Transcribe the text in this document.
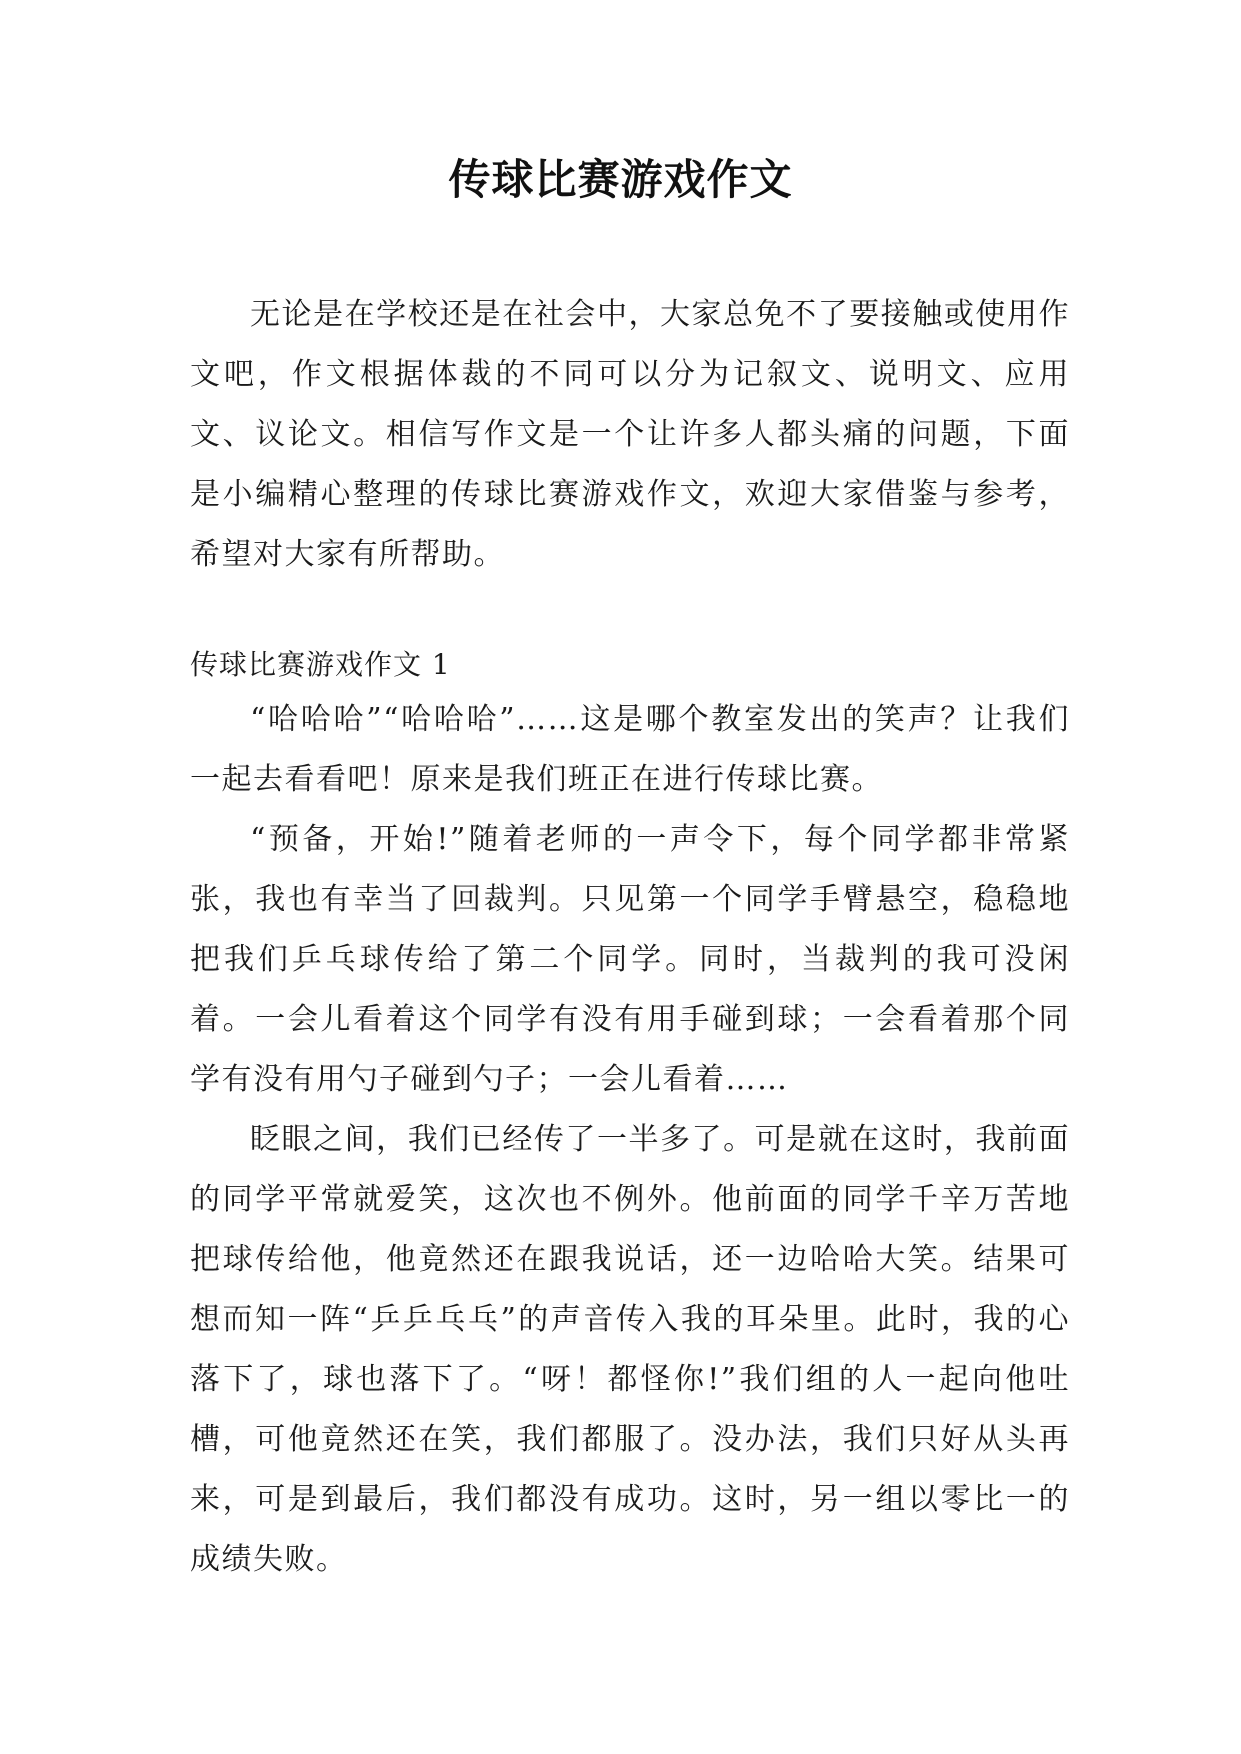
传球比赛游戏作文

无论是在学校还是在社会中，大家总免不了要接触或使用作文吧，作文根据体裁的不同可以分为记叙文、说明文、应用文、议论文。相信写作文是一个让许多人都头痛的问题，下面是小编精心整理的传球比赛游戏作文，欢迎大家借鉴与参考，希望对大家有所帮助。

传球比赛游戏作文 1

“哈哈哈”“哈哈哈”……这是哪个教室发出的笑声？让我们一起去看看吧！原来是我们班正在进行传球比赛。

“预备，开始!”随着老师的一声令下，每个同学都非常紧张，我也有幸当了回裁判。只见第一个同学手臂悬空，稳稳地把我们乒乓球传给了第二个同学。同时，当裁判的我可没闲着。一会儿看着这个同学有没有用手碰到球；一会看着那个同学有没有用勺子碰到勺子；一会儿看着……

眨眼之间，我们已经传了一半多了。可是就在这时，我前面的同学平常就爱笑，这次也不例外。他前面的同学千辛万苦地把球传给他，他竟然还在跟我说话，还一边哈哈大笑。结果可想而知一阵“乒乒乓乓”的声音传入我的耳朵里。此时，我的心落下了，球也落下了。“呀！都怪你!”我们组的人一起向他吐槽，可他竟然还在笑，我们都服了。没办法，我们只好从头再来，可是到最后，我们都没有成功。这时，另一组以零比一的成绩失败。
